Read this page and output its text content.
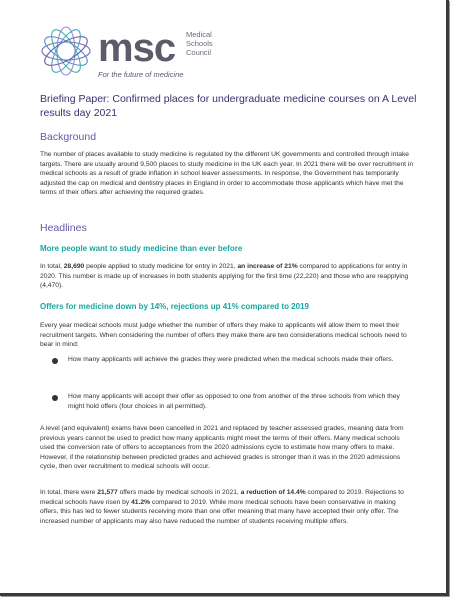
msc Medical
Schools
Council
For the future of medicine
Briefing Paper: Confirmed places for undergraduate medicine courses on A Level results day 2021
Background

The number of places available to study medicine is regulated by the different UK governments and controlled through intake targets. There are usually around 9,500 places to study medicine in the UK each year. In 2021 there will be over recruitment in medical schools as a result of grade inflation in school leaver assessments. In response, the Government has temporarily adjusted the cap on medical and dentistry places in England in order to accommodate those applicants which have met the terms of their offers after achieving the required grades.

Headlines
More people want to study medicine than ever before

In total, 28,690 people applied to study medicine for entry in 2021, an increase of 21% compared to applications for entry in 2020. This number is made up of increases in both students applying for the first time (22,220) and those who are reapplying (4,470).

Offers for medicine down by 14%, rejections up 41% compared to 2019

Every year medical schools must judge whether the number of offers they make to applicants will allow them to meet their recruitment targets. When considering the number of offers they make there are two considerations medical schools need to bear in mind:

How many applicants will achieve the grades they were predicted when the medical schools made their offers.

How many applicants will accept their offer as opposed to one from another of the three schools from which they might hold offers (four choices in all permitted).

A level (and equivalent) exams have been cancelled in 2021 and replaced by teacher assessed grades, meaning data from previous years cannot be used to predict how many applicants might meet the terms of their offers. Many medical schools used the conversion rate of offers to acceptances from the 2020 admissions cycle to estimate how many offers to make. However, if the relationship between predicted grades and achieved grades is stronger than it was in the 2020 admissions cycle, then over recruitment to medical schools will occur.

In total, there were 21,577 offers made by medical schools in 2021, a reduction of 14.4% compared to 2019. Rejections to medical schools have risen by 41.2% compared to 2019. While more medical schools have been conservative in making offers, this has led to fewer students receiving more than one offer meaning that many have accepted their only offer. The increased number of applicants may also have reduced the number of students receiving multiple offers.
